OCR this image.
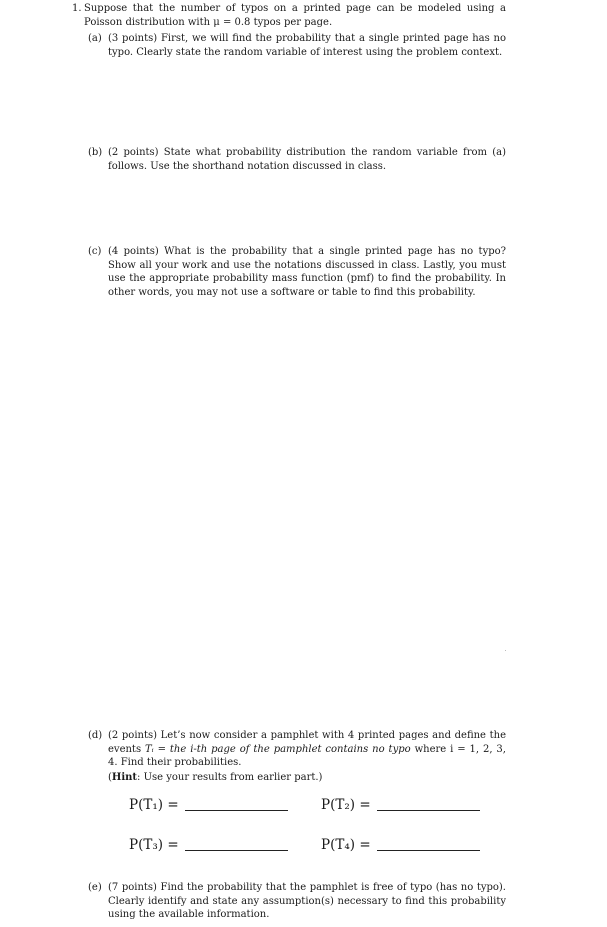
1. Suppose that the number of typos on a printed page can be modeled using a Poisson distribution with μ = 0.8 typos per page.
(a) (3 points) First, we will find the probability that a single printed page has no typo. Clearly state the random variable of interest using the problem context.
(b) (2 points) State what probability distribution the random variable from (a) follows. Use the shorthand notation discussed in class.
(c) (4 points) What is the probability that a single printed page has no typo? Show all your work and use the notations discussed in class. Lastly, you must use the appropriate probability mass function (pmf) to find the probability. In other words, you may not use a software or table to find this probability.
(d) (2 points) Let’s now consider a pamphlet with 4 printed pages and define the events Tᵢ = the i-th page of the pamphlet contains no typo where i = 1, 2, 3, 4. Find their probabilities.
(Hint: Use your results from earlier part.)
P(T₁) =	P(T₂) =
P(T₃) =	P(T₄) =
(e) (7 points) Find the probability that the pamphlet is free of typo (has no typo). Clearly identify and state any assumption(s) necessary to find this probability using the available information.
